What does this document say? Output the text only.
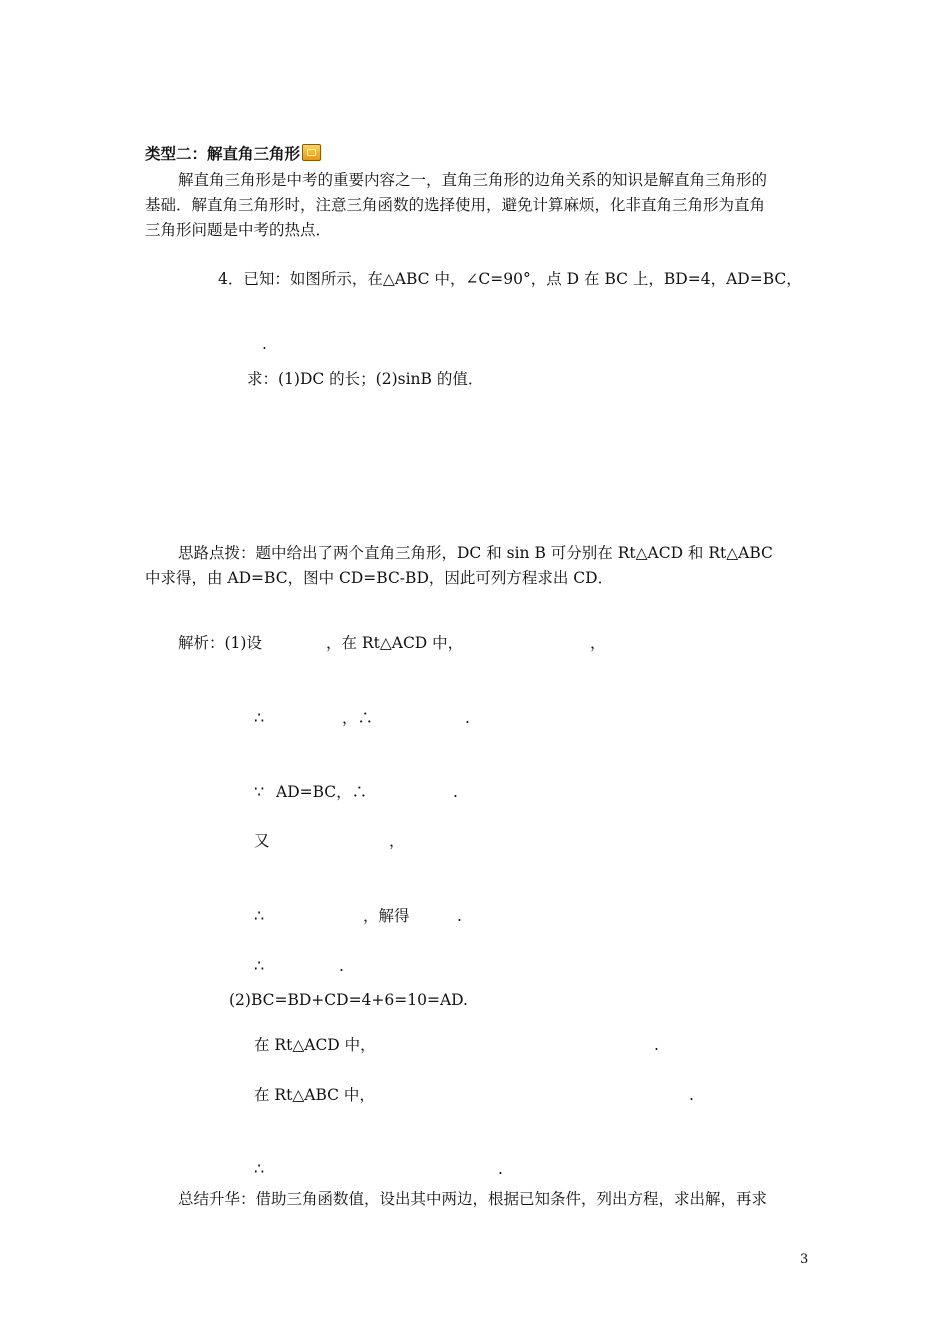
类型二：解直角三角形
解直角三角形是中考的重要内容之一，直角三角形的边角关系的知识是解直角三角形的
基础．解直角三角形时，注意三角函数的选择使用，避免计算麻烦，化非直角三角形为直角
三角形问题是中考的热点．
4．已知：如图所示，在△ABC 中，∠C=90°，点 D 在 BC 上，BD=4，AD=BC，
.
求：(1)DC 的长；(2)sinB 的值．
思路点拨：题中给出了两个直角三角形，DC 和 sin B 可分别在 Rt△ACD 和 Rt△ABC
中求得，由 AD=BC，图中 CD=BC-BD，因此可列方程求出 CD．
解析：(1)设	，在 Rt△ACD 中，	，
∴	，∴	.
∵ AD=BC，∴	.
又	，
∴	，解得	.
∴	.
(2)BC=BD+CD=4+6=10=AD.
在 Rt△ACD 中，	.
在 Rt△ABC 中，	.
∴	.
总结升华：借助三角函数值，设出其中两边，根据已知条件，列出方程，求出解，再求
3
